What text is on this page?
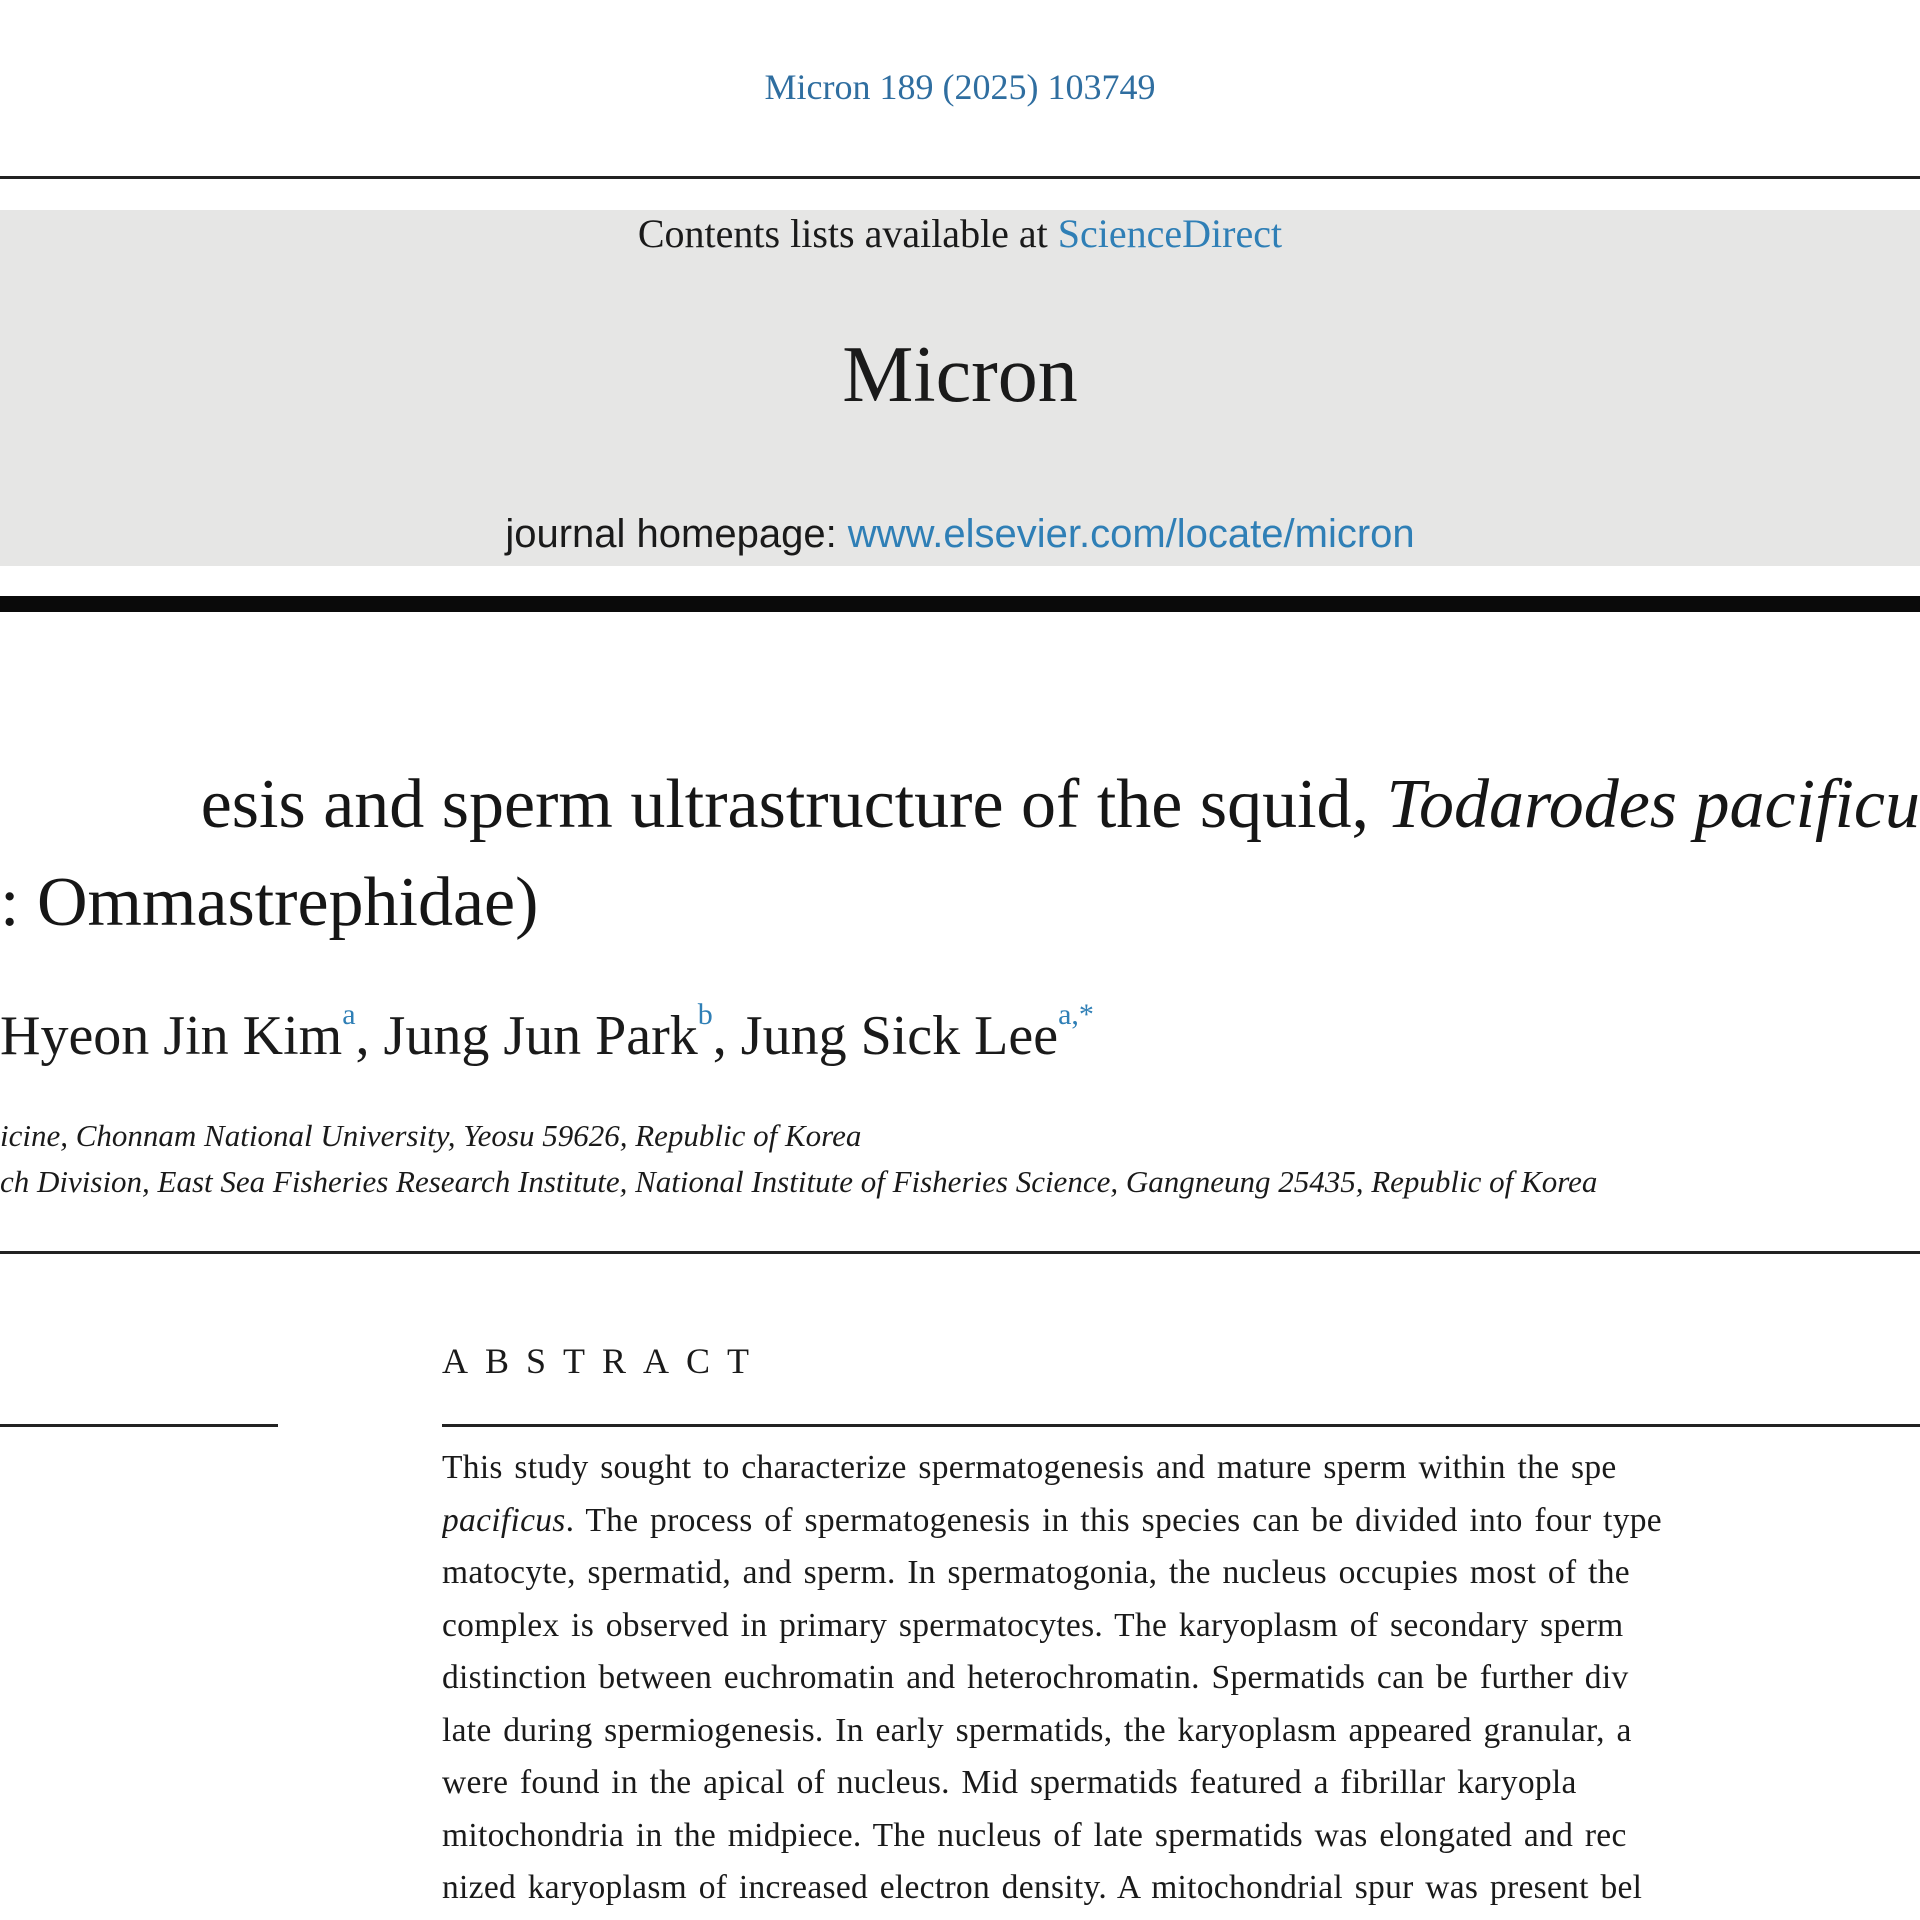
Micron 189 (2025) 103749
Contents lists available at ScienceDirect
Micron
journal homepage: www.elsevier.com/locate/micron
esis and sperm ultrastructure of the squid, Todarodes pacificu
: Ommastrephidae)
Hyeon Jin Kim$^a$, Jung Jun Park$^b$, Jung Sick Lee$^{a,*}$
icine, Chonnam National University, Yeosu 59626, Republic of Korea
ch Division, East Sea Fisheries Research Institute, National Institute of Fisheries Science, Gangneung 25435, Republic of Korea
ABSTRACT
This study sought to characterize spermatogenesis and mature sperm within the spe
pacificus. The process of spermatogenesis in this species can be divided into four type
matocyte, spermatid, and sperm. In spermatogonia, the nucleus occupies most of the
complex is observed in primary spermatocytes. The karyoplasm of secondary sperm
distinction between euchromatin and heterochromatin. Spermatids can be further div
late during spermiogenesis. In early spermatids, the karyoplasm appeared granular, a
were found in the apical of nucleus. Mid spermatids featured a fibrillar karyopla
mitochondria in the midpiece. The nucleus of late spermatids was elongated and rec
nized karyoplasm of increased electron density. A mitochondrial spur was present bel
